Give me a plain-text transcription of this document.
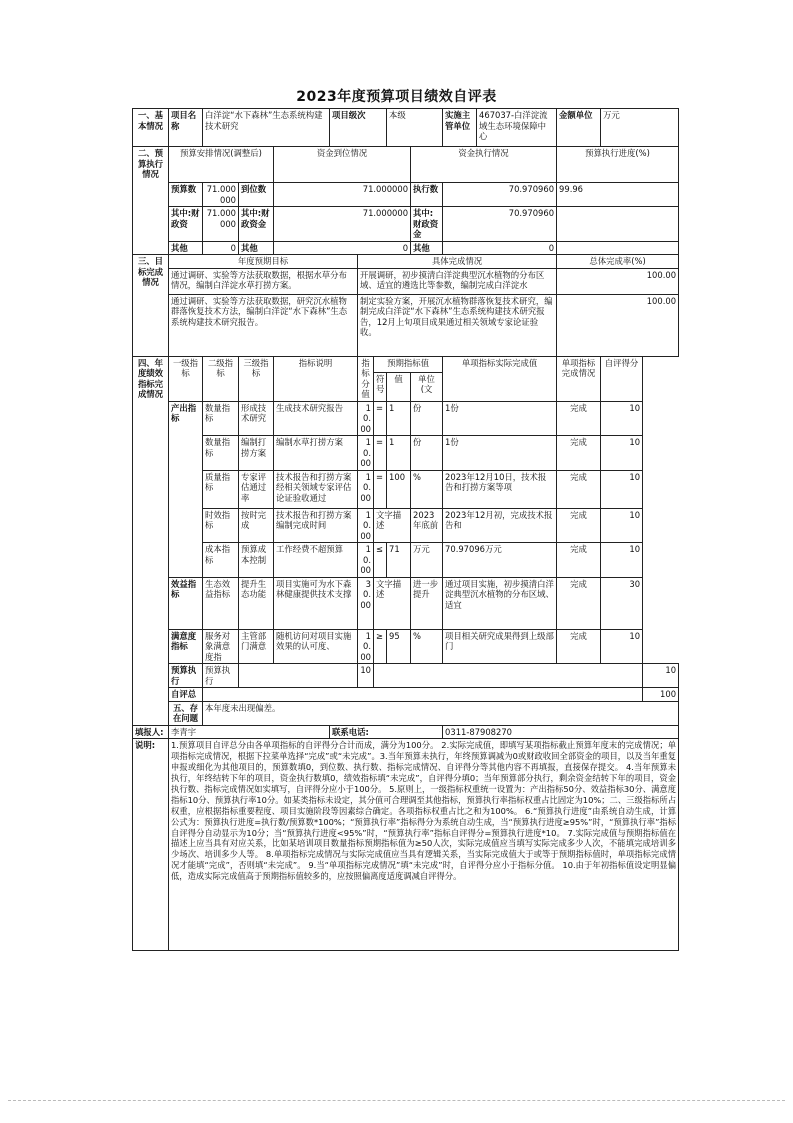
2023年度预算项目绩效自评表
一、基本情况	项目名称	白洋淀“水下森林”生态系统构建技术研究			项目级次			本级		实施主管单位	467037-白洋淀流域生态环境保障中心	金额单位	万元	
二、预算执行情况	预算安排情况(调整后)			资金到位情况					资金执行情况			预算执行进度(%)		
	预算数	71.000000	到位数	71.000000					执行数	70.970960		99.96		
	其中:财政资	71.000000	其中:财政资金	71.000000					其中:财政资金	70.970960				
	其他	0	其他	0					其他	0				
三、目标完成情况	年度预期目标					具体完成情况						总体完成率(%)		
	通过调研、实验等方法获取数据，根据水草分布情况，编制白洋淀水草打捞方案。					开展调研，初步摸清白洋淀典型沉水植物的分布区域、适宜的遴选比等参数，编制完成白洋淀水						100.00		
	通过调研、实验等方法获取数据，研究沉水植物群落恢复技术方法，编制白洋淀“水下森林”生态系统构建技术研究报告。					制定实验方案，开展沉水植物群落恢复技术研究，编制完成白洋淀“水下森林”生态系统构建技术研究报告，12月上旬项目成果通过相关领域专家论证验收。						100.00		
四、年度绩效指标完成情况	一级指标	二级指标	三级指标	指标说明		指标分值	预期指标值			单项指标实际完成值		单项指标完成情况	自评得分	
							符号	值	单位(文					
	产出指标	数量指标	形成技术研究	生成技术研究报告		10.00	=	1	份	1份		完成	10	
		数量指标	编制打捞方案	编制水草打捞方案		10.00	=	1	份	1份		完成	10	
		质量指标	专家评估通过率	技术报告和打捞方案经相关领域专家评估论证验收通过		10.00	=	100	%	2023年12月10日，技术报告和打捞方案等项		完成	10	
		时效指标	按时完成	技术报告和打捞方案编制完成时间		10.00	文字描述		2023年底前	2023年12月初，完成技术报告和		完成	10	
		成本指标	预算成本控制	工作经费不超预算		10.00	≤	71	万元	70.97096万元		完成	10	
	效益指标	生态效益指标	提升生态功能	项目实施可为水下森林健康提供技术支撑		30.00	文字描述		进一步提升	通过项目实施，初步摸清白洋淀典型沉水植物的分布区域、适宜		完成	30	
	满意度指标	服务对象满意度指	主管部门满意	随机访问对项目实施效果的认可度、		10.00	≥	95	%	项目相关研究成果得到上级部门		完成	10	
	预算执行	预算执行				10								10
	自评总													100
	五、存在问题	本年度未出现偏差。												
填报人:	李青宇				联系电话:					0311-87908270				
说明:	1.预算项目自评总分由各单项指标的自评得分合计而成，满分为100分。 2.实际完成值，即填写某项指标截止预算年度末的完成情况；单项指标完成情况，根据下拉菜单选择“完成”或“未完成”。3.当年预算未执行，年终预算调减为0或财政收回全部资金的项目，以及当年重复申报或细化为其他项目的，预算数填0，到位数、执行数、指标完成情况、自评得分等其他内容不再填报，直接保存提交。 4.当年预算未执行，年终结转下年的项目，资金执行数填0，绩效指标填“未完成”，自评得分填0；当年预算部分执行，剩余资金结转下年的项目，资金执行数、指标完成情况如实填写，自评得分应小于100分。 5.原则上，一级指标权重统一设置为：产出指标50分、效益指标30分、满意度指标10分、预算执行率10分。如某类指标未设定，其分值可合理调至其他指标，预算执行率指标权重占比固定为10%；二、三级指标所占权重，应根据指标重要程度、项目实施阶段等因素综合确定。各项指标权重占比之和为100%。 6.“预算执行进度”由系统自动生成，计算公式为：预算执行进度=执行数/预算数*100%；“预算执行率”指标得分为系统自动生成，当“预算执行进度≥95%”时，“预算执行率”指标自评得分自动显示为10分；当“预算执行进度<95%”时，“预算执行率”指标自评得分=预算执行进度*10。 7.实际完成值与预期指标值在描述上应当具有对应关系，比如某培训项目数量指标预期指标值为≥50人次，实际完成值应当填写实际完成多少人次，不能填完成培训多少场次、培训多少人等。 8.单项指标完成情况与实际完成值应当具有逻辑关系，当实际完成值大于或等于预期指标值时，单项指标完成情况才能填“完成”，否则填“未完成”。 9.当“单项指标完成情况”填“未完成”时，自评得分应小于指标分值。 10.由于年初指标值设定明显偏低，造成实际完成值高于预期指标值较多的，应按照偏离度适度调减自评得分。													
